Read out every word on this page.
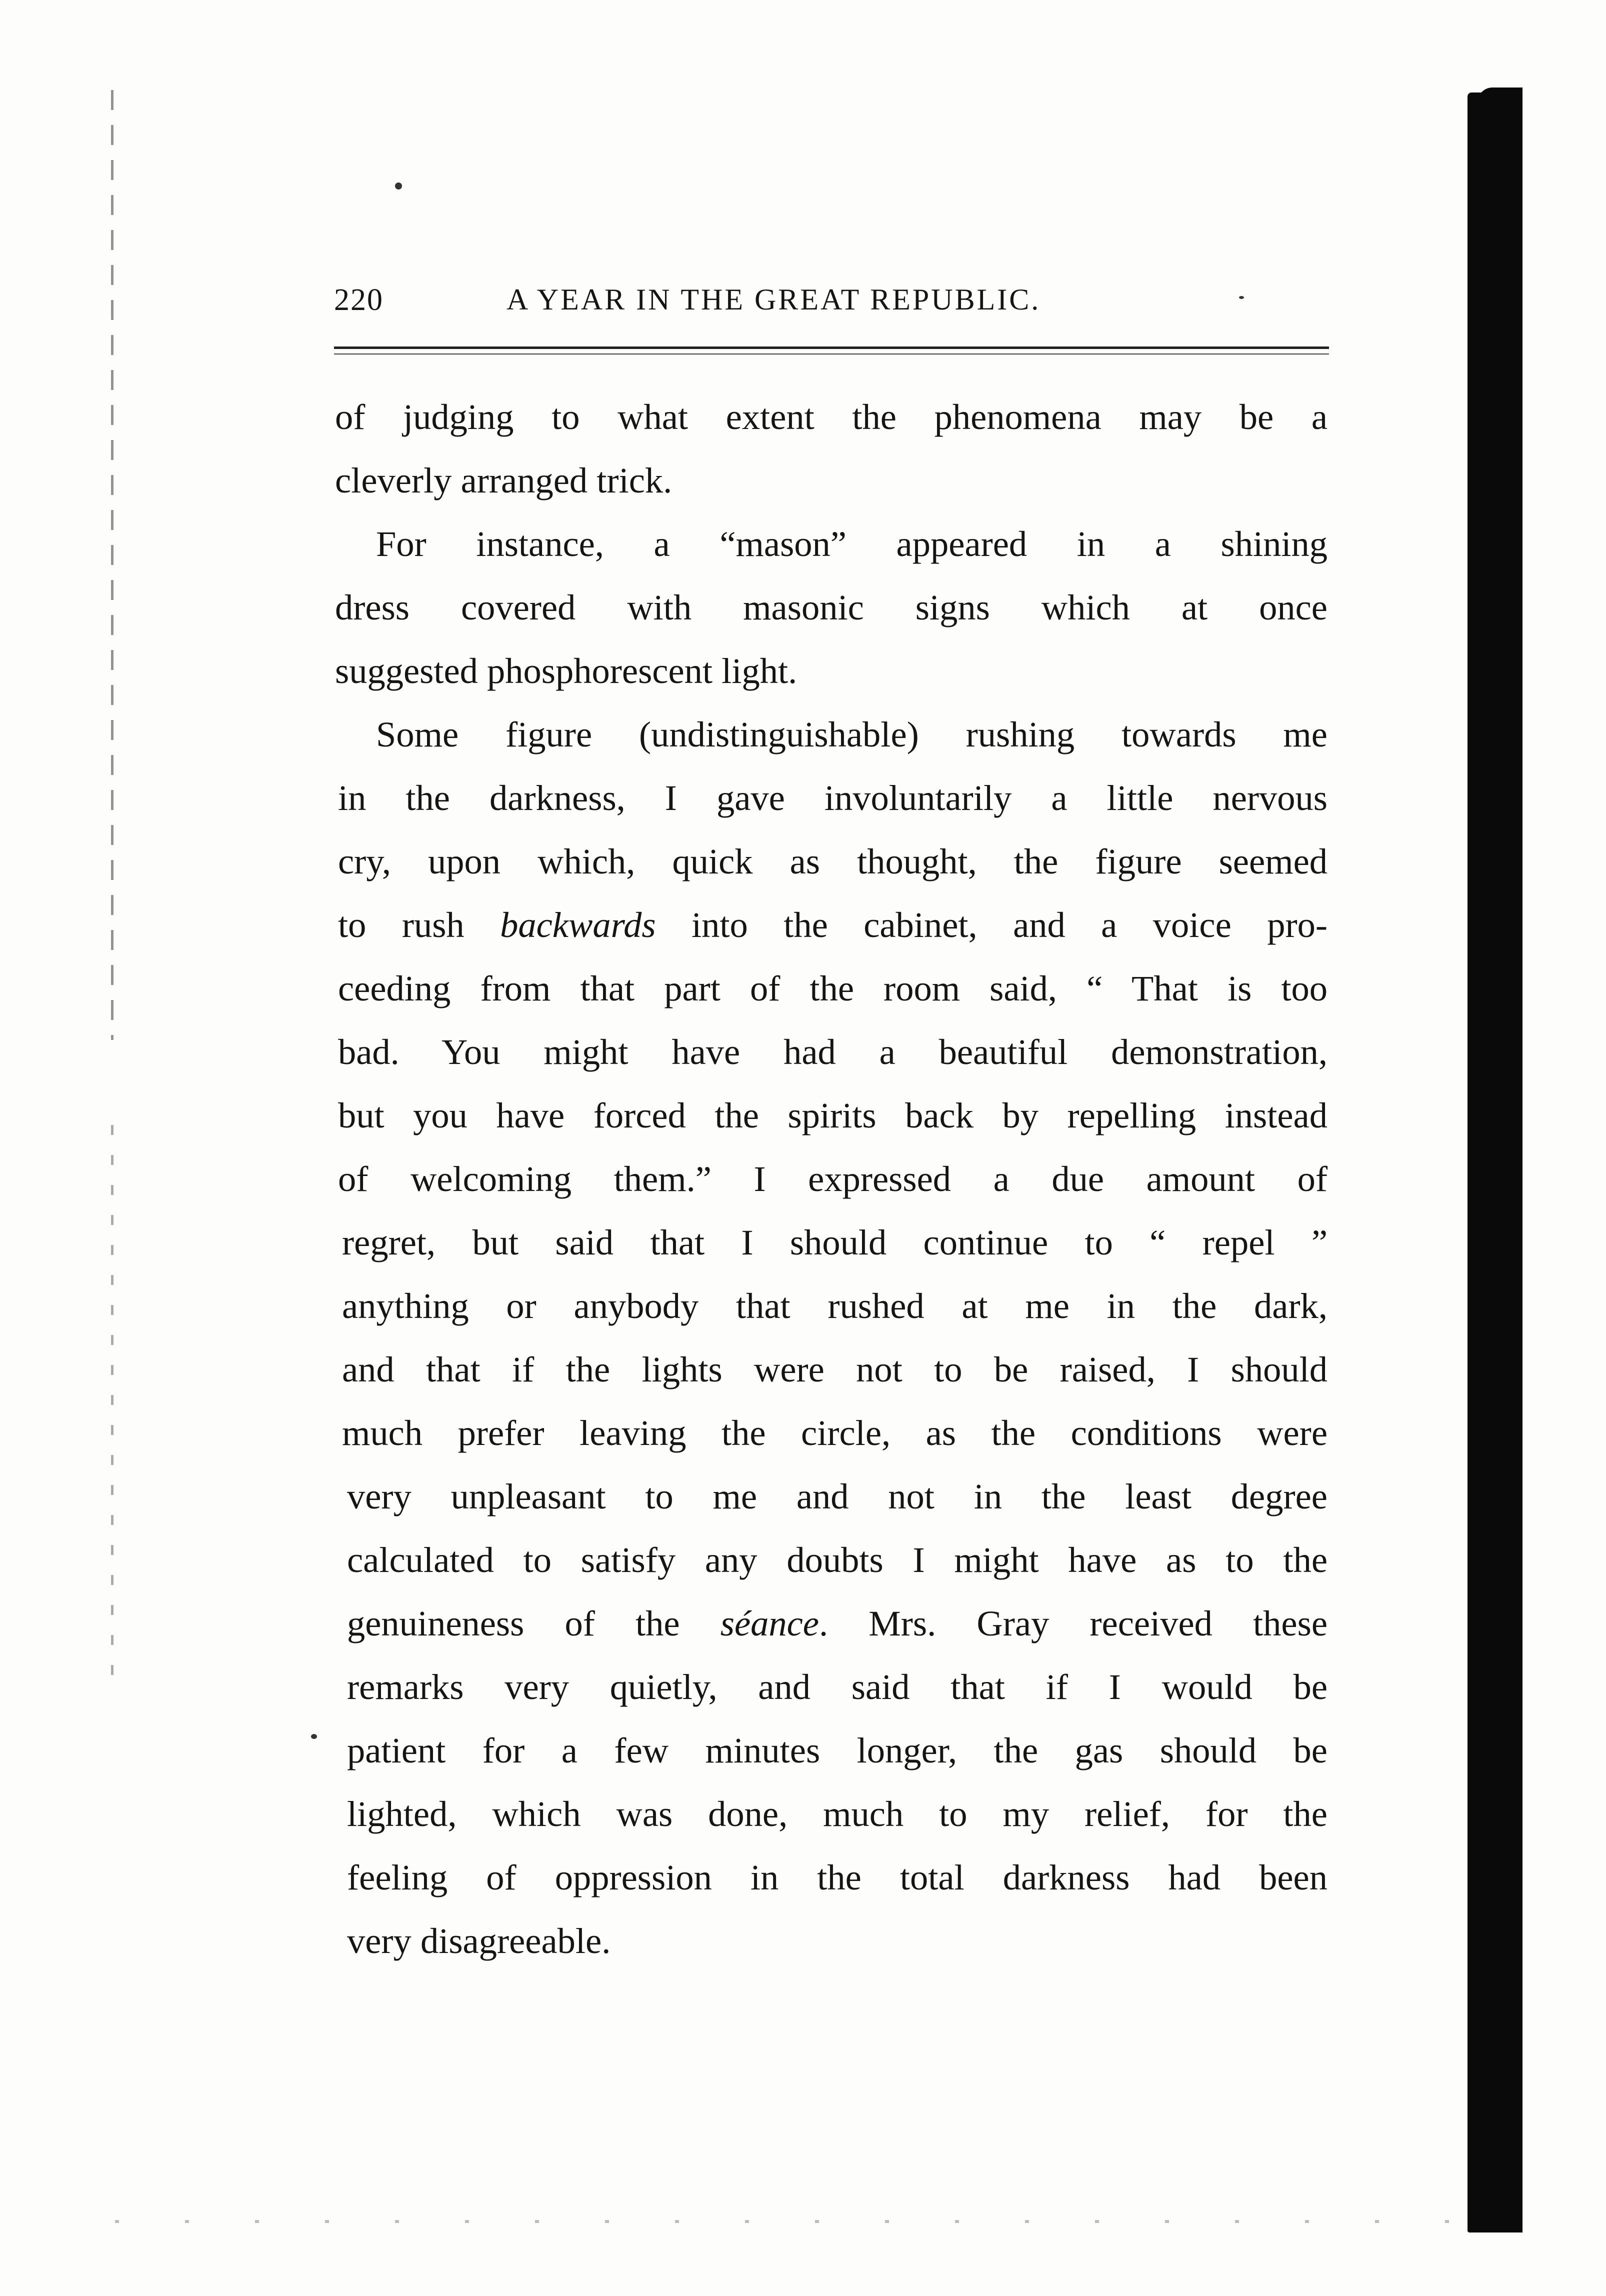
220	A YEAR IN THE GREAT REPUBLIC.
of judging to what extent the phenomena may be a
cleverly arranged trick.
For instance, a “mason” appeared in a shining
dress covered with masonic signs which at once
suggested phosphorescent light.
Some figure (undistinguishable) rushing towards me
in the darkness, I gave involuntarily a little nervous
cry, upon which, quick as thought, the figure seemed
to rush backwards into the cabinet, and a voice pro-
ceeding from that part of the room said, “ That is too
bad. You might have had a beautiful demonstration,
but you have forced the spirits back by repelling instead
of welcoming them.” I expressed a due amount of
regret, but said that I should continue to “ repel ”
anything or anybody that rushed at me in the dark,
and that if the lights were not to be raised, I should
much prefer leaving the circle, as the conditions were
very unpleasant to me and not in the least degree
calculated to satisfy any doubts I might have as to the
genuineness of the séance. Mrs. Gray received these
remarks very quietly, and said that if I would be
patient for a few minutes longer, the gas should be
lighted, which was done, much to my relief, for the
feeling of oppression in the total darkness had been
very disagreeable.
